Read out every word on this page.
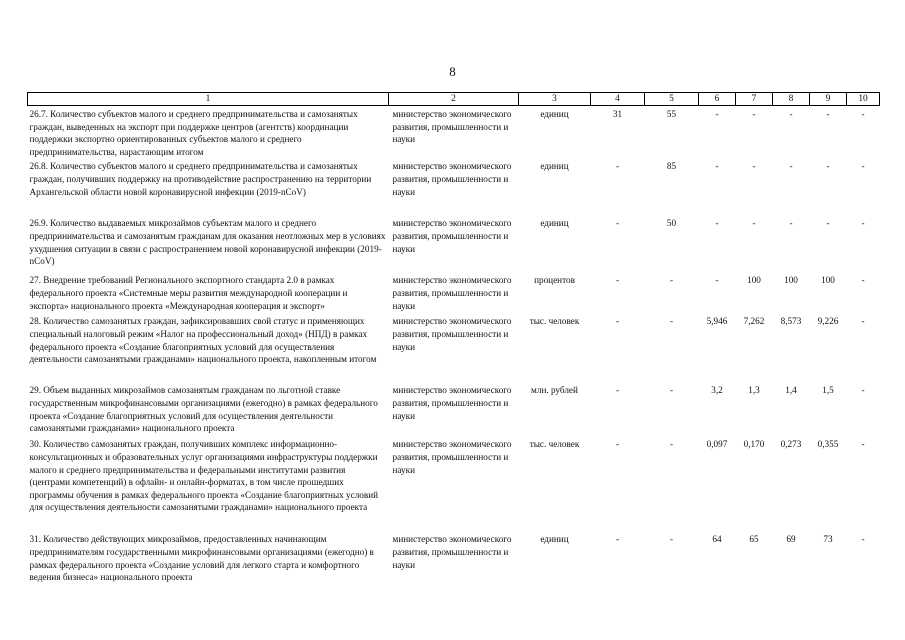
8
1	2	3	4	5	6	7	8	9	10
26.7. Количество субъектов малого и среднего предпринимательства и самозанятых граждан, выведенных на экспорт при поддержке центров (агентств) координации поддержки экспортно ориентированных субъектов малого и среднего предпринимательства, нарастающим итогом	министерство экономического развития, промышленности и науки	единиц	31	55	-	-	-	-	-
26.8. Количество субъектов малого и среднего предпринимательства и самозанятых граждан, получивших поддержку на противодействие распространению на территории Архангельской области новой коронавирусной инфекции (2019-nCoV)	министерство экономического развития, промышленности и науки	единиц	-	85	-	-	-	-	-
26.9. Количество выдаваемых микрозаймов субъектам малого и среднего предпринимательства и самозанятым гражданам для оказания неотложных мер в условиях ухудшения ситуации в связи с распространением новой коронавирусной инфекции (2019-nCoV)	министерство экономического развития, промышленности и науки	единиц	-	50	-	-	-	-	-
27. Внедрение требований Регионального экспортного стандарта 2.0 в рамках федерального проекта «Системные меры развития международной кооперации и экспорта» национального проекта «Международная кооперация и экспорт»	министерство экономического развития, промышленности и науки	процентов	-	-	-	100	100	100	-
28. Количество самозанятых граждан, зафиксировавших свой статус и применяющих специальный налоговый режим «Налог на профессиональный доход» (НПД) в рамках федерального проекта «Создание благоприятных условий для осуществления деятельности самозанятыми гражданами» национального проекта, накопленным итогом	министерство экономического развития, промышленности и науки	тыс. человек	-	-	5,946	7,262	8,573	9,226	-
29. Объем выданных микрозаймов самозанятым гражданам по льготной ставке государственным микрофинансовыми организациями (ежегодно) в рамках федерального проекта «Создание благоприятных условий для осуществления деятельности самозанятыми гражданами» национального проекта	министерство экономического развития, промышленности и науки	млн. рублей	-	-	3,2	1,3	1,4	1,5	-
30. Количество самозанятых граждан, получивших комплекс информационно-консультационных и образовательных услуг организациями инфраструктуры поддержки малого и среднего предпринимательства и федеральными институтами развития (центрами компетенций) в офлайн- и онлайн-форматах, в том числе прошедших программы обучения в рамках федерального проекта «Создание благоприятных условий для осуществления деятельности самозанятыми гражданами» национального проекта	министерство экономического развития, промышленности и науки	тыс. человек	-	-	0,097	0,170	0,273	0,355	-
31. Количество действующих микрозаймов, предоставленных начинающим предпринимателям государственными микрофинансовыми организациями (ежегодно) в рамках федерального проекта «Создание условий для легкого старта и комфортного ведения бизнеса» национального проекта	министерство экономического развития, промышленности и науки	единиц	-	-	64	65	69	73	-
